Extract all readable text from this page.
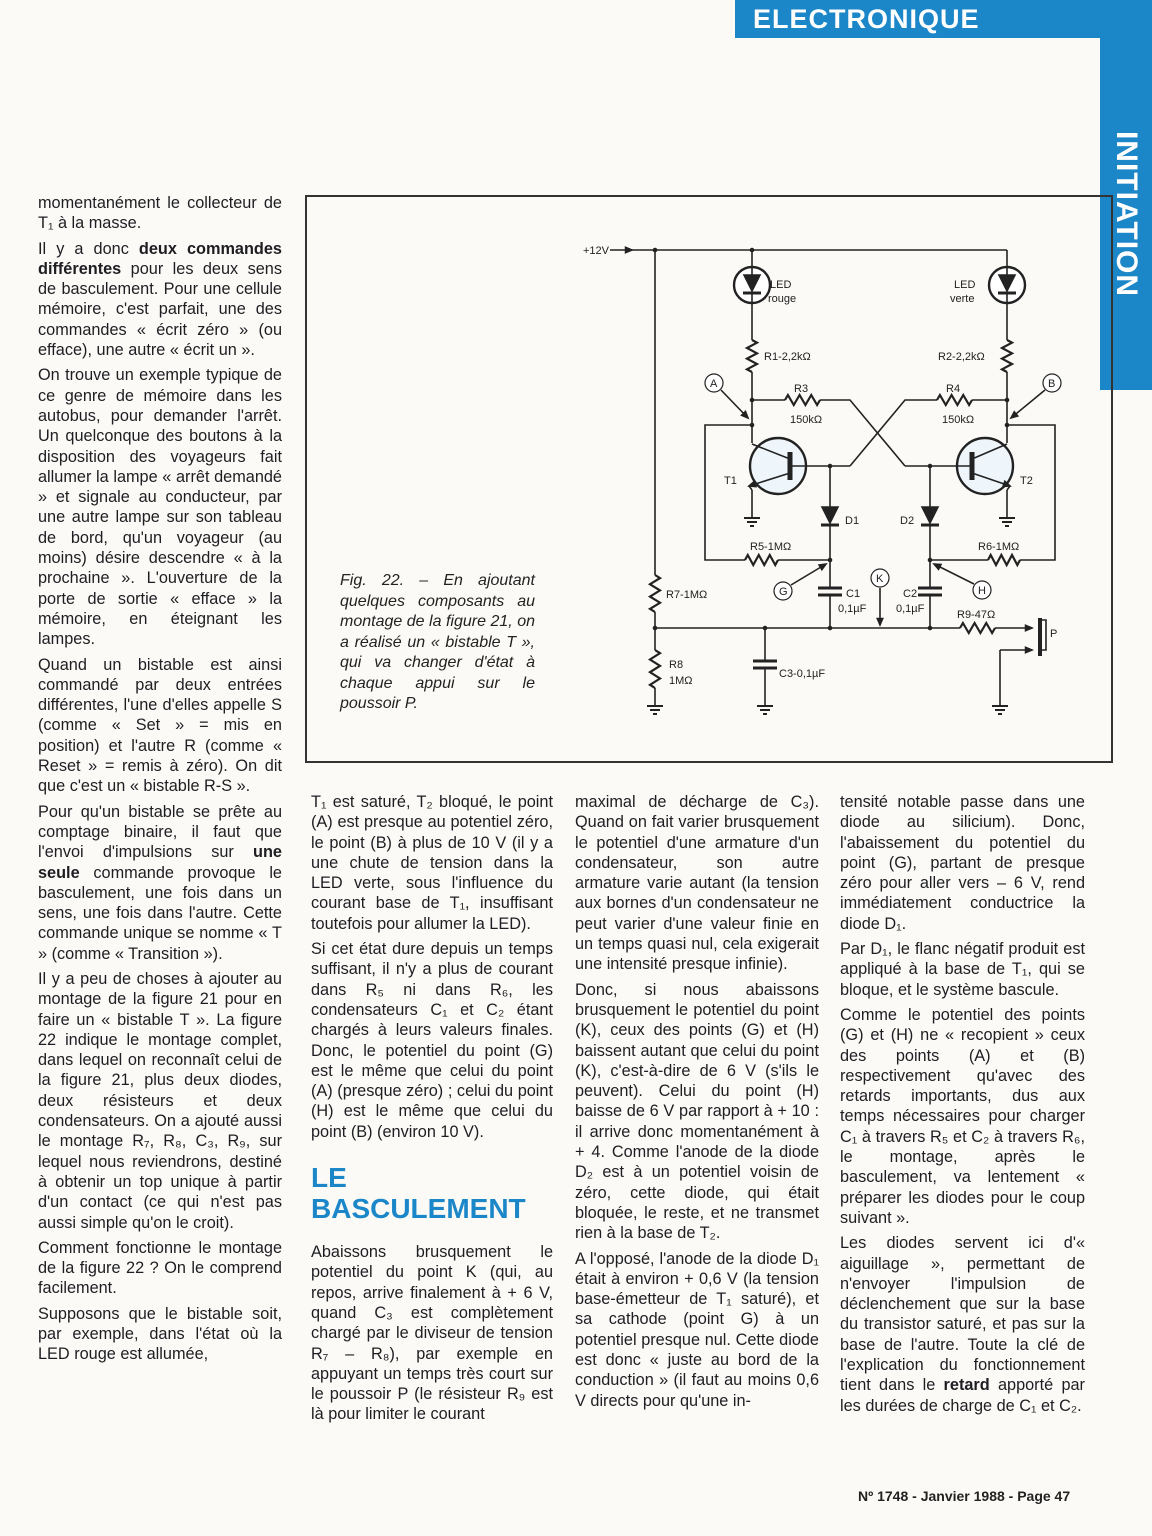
ELECTRONIQUE
INITIATION

momentanément le collecteur de T₁ à la masse.

Il y a donc deux commandes différentes pour les deux sens de basculement. Pour une cellule mémoire, c'est parfait, une des commandes « écrit zéro » (ou efface), une autre « écrit un ».

On trouve un exemple typique de ce genre de mémoire dans les autobus, pour demander l'arrêt. Un quelconque des boutons à la disposition des voyageurs fait allumer la lampe « arrêt demandé » et signale au conducteur, par une autre lampe sur son tableau de bord, qu'un voyageur (au moins) désire descendre « à la prochaine ». L'ouverture de la porte de sortie « efface » la mémoire, en éteignant les lampes.

Quand un bistable est ainsi commandé par deux entrées différentes, l'une d'elles appelle S (comme « Set » = mis en position) et l'autre R (comme « Reset » = remis à zéro). On dit que c'est un « bistable R-S ».

Pour qu'un bistable se prête au comptage binaire, il faut que l'envoi d'impulsions sur une seule commande provoque le basculement, une fois dans un sens, une fois dans l'autre. Cette commande unique se nomme « T » (comme « Transition »).

Il y a peu de choses à ajouter au montage de la figure 21 pour en faire un « bistable T ». La figure 22 indique le montage complet, dans lequel on reconnaît celui de la figure 21, plus deux diodes, deux résisteurs et deux condensateurs. On a ajouté aussi le montage R₇, R₈, C₃, R₉, sur lequel nous reviendrons, destiné à obtenir un top unique à partir d'un contact (ce qui n'est pas aussi simple qu'on le croit).

Comment fonctionne le montage de la figure 22 ? On le comprend facilement.

Supposons que le bistable soit, par exemple, dans l'état où la LED rouge est allumée,

T₁ est saturé, T₂ bloqué, le point (A) est presque au potentiel zéro, le point (B) à plus de 10 V (il y a une chute de tension dans la LED verte, sous l'influence du courant base de T₁, insuffisant toutefois pour allumer la LED).

Si cet état dure depuis un temps suffisant, il n'y a plus de courant dans R₅ ni dans R₆, les condensateurs C₁ et C₂ étant chargés à leurs valeurs finales. Donc, le potentiel du point (G) est le même que celui du point (A) (presque zéro) ; celui du point (H) est le même que celui du point (B) (environ 10 V).

LE BASCULEMENT

Abaissons brusquement le potentiel du point K (qui, au repos, arrive finalement à + 6 V, quand C₃ est complètement chargé par le diviseur de tension R₇ – R₈), par exemple en appuyant un temps très court sur le poussoir P (le résisteur R₉ est là pour limiter le courant

maximal de décharge de C₃). Quand on fait varier brusquement le potentiel d'une armature d'un condensateur, son autre armature varie autant (la tension aux bornes d'un condensateur ne peut varier d'une valeur finie en un temps quasi nul, cela exigerait une intensité presque infinie).

Donc, si nous abaissons brusquement le potentiel du point (K), ceux des points (G) et (H) baissent autant que celui du point (K), c'est-à-dire de 6 V (s'ils le peuvent). Celui du point (H) baisse de 6 V par rapport à + 10 : il arrive donc momentanément à + 4. Comme l'anode de la diode D₂ est à un potentiel voisin de zéro, cette diode, qui était bloquée, le reste, et ne transmet rien à la base de T₂.

A l'opposé, l'anode de la diode D₁ était à environ + 0,6 V (la tension base-émetteur de T₁ saturé), et sa cathode (point G) à un potentiel presque nul. Cette diode est donc « juste au bord de la conduction » (il faut au moins 0,6 V directs pour qu'une in-

tensité notable passe dans une diode au silicium). Donc, l'abaissement du potentiel du point (G), partant de presque zéro pour aller vers – 6 V, rend immédiatement conductrice la diode D₁.

Par D₁, le flanc négatif produit est appliqué à la base de T₁, qui se bloque, et le système bascule.

Comme le potentiel des points (G) et (H) ne « recopient » ceux des points (A) et (B) respectivement qu'avec des retards importants, dus aux temps nécessaires pour charger C₁ à travers R₅ et C₂ à travers R₆, le montage, après le basculement, va lentement « préparer les diodes pour le coup suivant ».

Les diodes servent ici d'« aiguillage », permettant de n'envoyer l'impulsion de déclenchement que sur la base du transistor saturé, et pas sur la base de l'autre. Toute la clé de l'explication du fonctionnement tient dans le retard apporté par les durées de charge de C₁ et C₂.

+12V
LED
rouge
LED
verte
R1-2,2kΩ	R2-2,2kΩ
R3
150kΩ
R4
150kΩ
T1	T2
D1	D2
R5-1MΩ	R6-1MΩ
R7-1MΩ
R8
1MΩ
C1
0,1µF
C2
0,1µF	R9-47Ω
P
C3-0,1µF
A	B
G	H
K
Fig. 22. – En ajoutant quelques composants au montage de la figure 21, on a réalisé un « bistable T », qui va changer d'état à chaque appui sur le poussoir P.
Nº 1748 - Janvier 1988 - Page 47
